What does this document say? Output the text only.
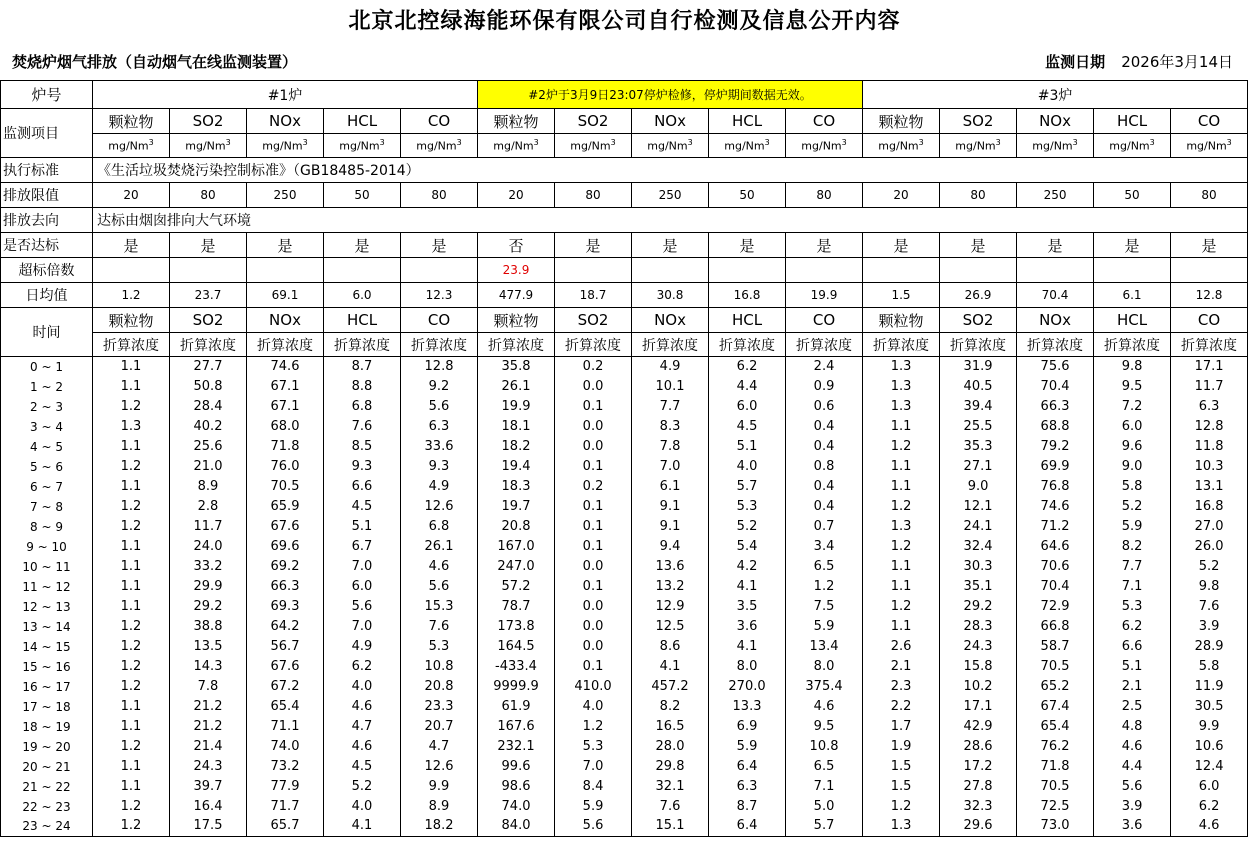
北京北控绿海能环保有限公司自行检测及信息公开内容
焚烧炉烟气排放（自动烟气在线监测装置）	监测日期 2026年3月14日
炉号	#1炉					#2炉于3月9日23:07停炉检修，停炉期间数据无效。					#3炉				
监测项目	颗粒物	SO2	NOx	HCL	CO	颗粒物	SO2	NOx	HCL	CO	颗粒物	SO2	NOx	HCL	CO
	mg/Nm$^3$	mg/Nm$^3$	mg/Nm$^3$	mg/Nm$^3$	mg/Nm$^3$	mg/Nm$^3$	mg/Nm$^3$	mg/Nm$^3$	mg/Nm$^3$	mg/Nm$^3$	mg/Nm$^3$	mg/Nm$^3$	mg/Nm$^3$	mg/Nm$^3$	mg/Nm$^3$
执行标准	《生活垃圾焚烧污染控制标准》（GB18485-2014）														
排放限值	20	80	250	50	80	20	80	250	50	80	20	80	250	50	80
排放去向	达标由烟囱排向大气环境														
是否达标	是	是	是	是	是	否	是	是	是	是	是	是	是	是	是
超标倍数						23.9									
日均值	1.2	23.7	69.1	6.0	12.3	477.9	18.7	30.8	16.8	19.9	1.5	26.9	70.4	6.1	12.8
时间	颗粒物	SO2	NOx	HCL	CO	颗粒物	SO2	NOx	HCL	CO	颗粒物	SO2	NOx	HCL	CO
	折算浓度	折算浓度	折算浓度	折算浓度	折算浓度	折算浓度	折算浓度	折算浓度	折算浓度	折算浓度	折算浓度	折算浓度	折算浓度	折算浓度	折算浓度
0 ~ 1	1.1	27.7	74.6	8.7	12.8	35.8	0.2	4.9	6.2	2.4	1.3	31.9	75.6	9.8	17.1
1 ~ 2	1.1	50.8	67.1	8.8	9.2	26.1	0.0	10.1	4.4	0.9	1.3	40.5	70.4	9.5	11.7
2 ~ 3	1.2	28.4	67.1	6.8	5.6	19.9	0.1	7.7	6.0	0.6	1.3	39.4	66.3	7.2	6.3
3 ~ 4	1.3	40.2	68.0	7.6	6.3	18.1	0.0	8.3	4.5	0.4	1.1	25.5	68.8	6.0	12.8
4 ~ 5	1.1	25.6	71.8	8.5	33.6	18.2	0.0	7.8	5.1	0.4	1.2	35.3	79.2	9.6	11.8
5 ~ 6	1.2	21.0	76.0	9.3	9.3	19.4	0.1	7.0	4.0	0.8	1.1	27.1	69.9	9.0	10.3
6 ~ 7	1.1	8.9	70.5	6.6	4.9	18.3	0.2	6.1	5.7	0.4	1.1	9.0	76.8	5.8	13.1
7 ~ 8	1.2	2.8	65.9	4.5	12.6	19.7	0.1	9.1	5.3	0.4	1.2	12.1	74.6	5.2	16.8
8 ~ 9	1.2	11.7	67.6	5.1	6.8	20.8	0.1	9.1	5.2	0.7	1.3	24.1	71.2	5.9	27.0
9 ~ 10	1.1	24.0	69.6	6.7	26.1	167.0	0.1	9.4	5.4	3.4	1.2	32.4	64.6	8.2	26.0
10 ~ 11	1.1	33.2	69.2	7.0	4.6	247.0	0.0	13.6	4.2	6.5	1.1	30.3	70.6	7.7	5.2
11 ~ 12	1.1	29.9	66.3	6.0	5.6	57.2	0.1	13.2	4.1	1.2	1.1	35.1	70.4	7.1	9.8
12 ~ 13	1.1	29.2	69.3	5.6	15.3	78.7	0.0	12.9	3.5	7.5	1.2	29.2	72.9	5.3	7.6
13 ~ 14	1.2	38.8	64.2	7.0	7.6	173.8	0.0	12.5	3.6	5.9	1.1	28.3	66.8	6.2	3.9
14 ~ 15	1.2	13.5	56.7	4.9	5.3	164.5	0.0	8.6	4.1	13.4	2.6	24.3	58.7	6.6	28.9
15 ~ 16	1.2	14.3	67.6	6.2	10.8	-433.4	0.1	4.1	8.0	8.0	2.1	15.8	70.5	5.1	5.8
16 ~ 17	1.2	7.8	67.2	4.0	20.8	9999.9	410.0	457.2	270.0	375.4	2.3	10.2	65.2	2.1	11.9
17 ~ 18	1.1	21.2	65.4	4.6	23.3	61.9	4.0	8.2	13.3	4.6	2.2	17.1	67.4	2.5	30.5
18 ~ 19	1.1	21.2	71.1	4.7	20.7	167.6	1.2	16.5	6.9	9.5	1.7	42.9	65.4	4.8	9.9
19 ~ 20	1.2	21.4	74.0	4.6	4.7	232.1	5.3	28.0	5.9	10.8	1.9	28.6	76.2	4.6	10.6
20 ~ 21	1.1	24.3	73.2	4.5	12.6	99.6	7.0	29.8	6.4	6.5	1.5	17.2	71.8	4.4	12.4
21 ~ 22	1.1	39.7	77.9	5.2	9.9	98.6	8.4	32.1	6.3	7.1	1.5	27.8	70.5	5.6	6.0
22 ~ 23	1.2	16.4	71.7	4.0	8.9	74.0	5.9	7.6	8.7	5.0	1.2	32.3	72.5	3.9	6.2
23 ~ 24	1.2	17.5	65.7	4.1	18.2	84.0	5.6	15.1	6.4	5.7	1.3	29.6	73.0	3.6	4.6
